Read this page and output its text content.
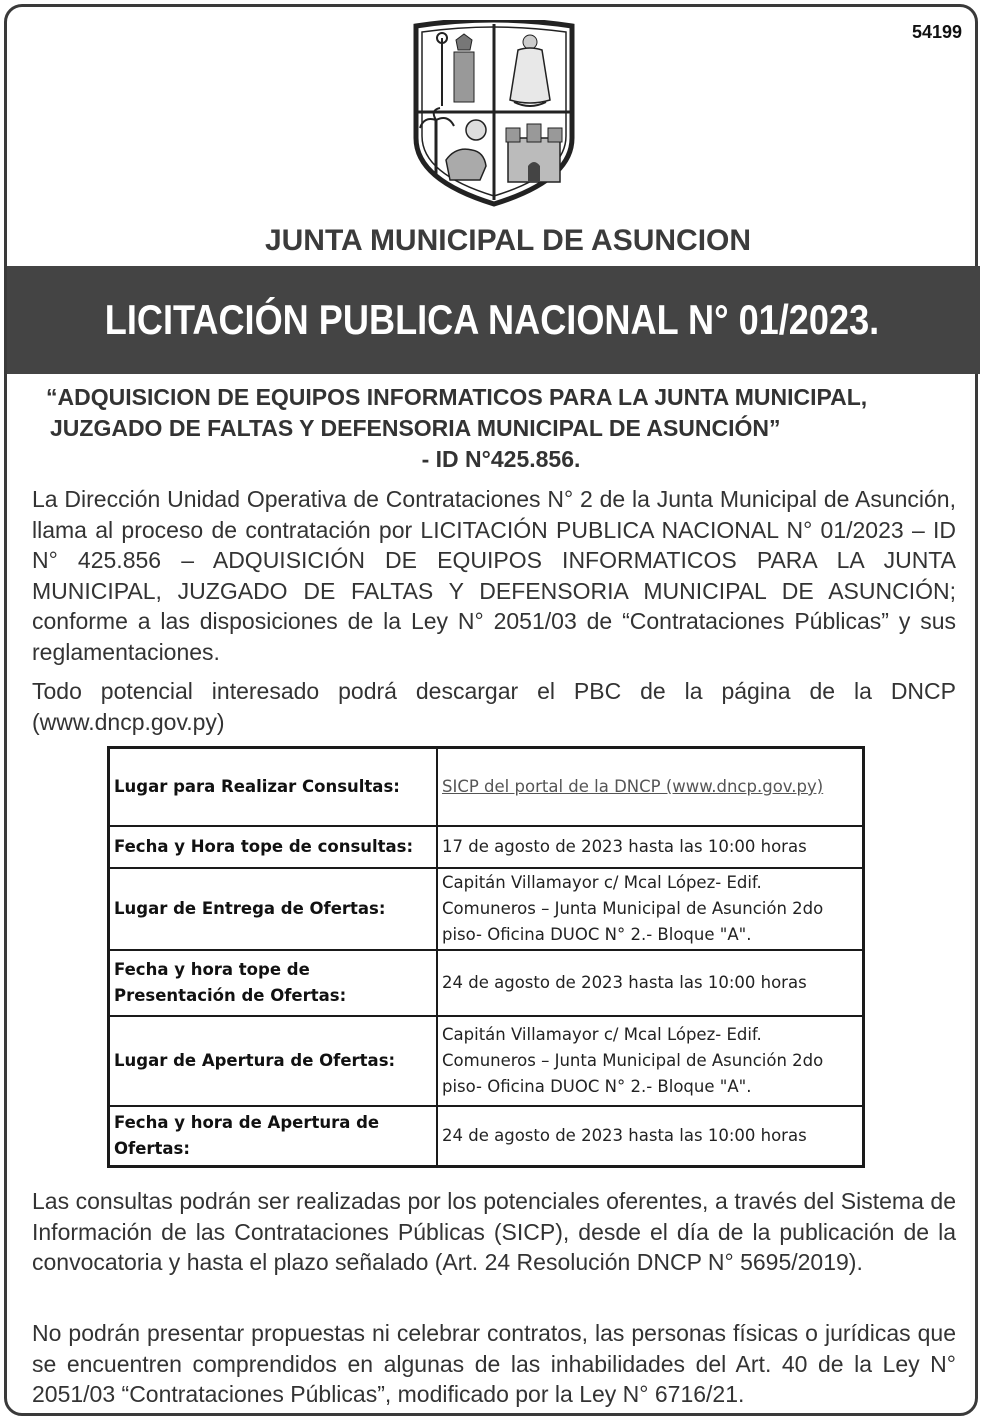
54199
JUNTA MUNICIPAL DE ASUNCION
LICITACIÓN PUBLICA NACIONAL N° 01/2023.
“ADQUISICION DE EQUIPOS INFORMATICOS PARA LA JUNTA MUNICIPAL,
JUZGADO DE FALTAS Y DEFENSORIA MUNICIPAL DE ASUNCIÓN”
- ID N°425.856.

La Dirección Unidad Operativa de Contrataciones N° 2 de la Junta Municipal de Asunción, llama al proceso de contratación por LICITACIÓN PUBLICA NACIONAL N° 01/2023 – ID N° 425.856 – ADQUISICIÓN DE EQUIPOS INFORMATICOS PARA LA JUNTA MUNICIPAL, JUZGADO DE FALTAS Y DEFENSORIA MUNICIPAL DE ASUNCIÓN; conforme a las disposiciones de la Ley N° 2051/03 de “Contrataciones Públicas” y sus reglamentaciones.

Todo potencial interesado podrá descargar el PBC de la página de la DNCP (www.dncp.gov.py)

Lugar para Realizar Consultas:	SICP del portal de la DNCP (www.dncp.gov.py)
Fecha y Hora tope de consultas:	17 de agosto de 2023 hasta las 10:00 horas
Lugar de Entrega de Ofertas:	Capitán Villamayor c/ Mcal López- Edif. Comuneros – Junta Municipal de Asunción 2do piso- Oficina DUOC N° 2.- Bloque "A".
Fecha y hora tope de Presentación de Ofertas:	24 de agosto de 2023 hasta las 10:00 horas
Lugar de Apertura de Ofertas:	Capitán Villamayor c/ Mcal López- Edif. Comuneros – Junta Municipal de Asunción 2do piso- Oficina DUOC N° 2.- Bloque "A".
Fecha y hora de Apertura de Ofertas:	24 de agosto de 2023 hasta las 10:00 horas

Las consultas podrán ser realizadas por los potenciales oferentes, a través del Sistema de Información de las Contrataciones Públicas (SICP), desde el día de la publicación de la convocatoria y hasta el plazo señalado (Art. 24 Resolución DNCP N° 5695/2019).

No podrán presentar propuestas ni celebrar contratos, las personas físicas o jurídicas que se encuentren comprendidos en algunas de las inhabilidades del Art. 40 de la Ley N° 2051/03 “Contrataciones Públicas”, modificado por la Ley N° 6716/21.
